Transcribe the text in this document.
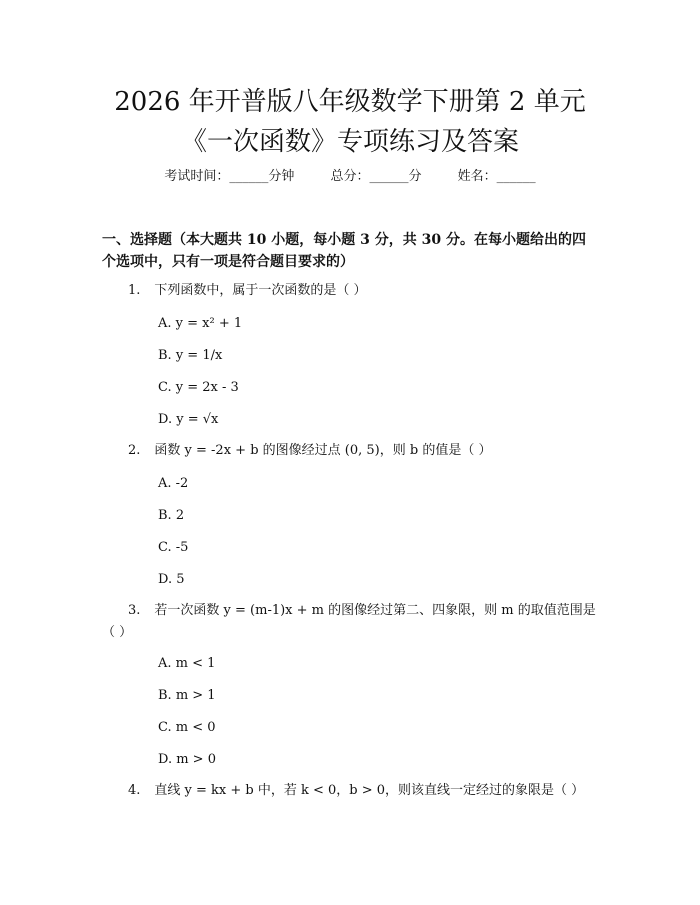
2026 年开普版八年级数学下册第 2 单元《一次函数》专项练习及答案
考试时间：______分钟	总分：______分	姓名：______
一、选择题（本大题共 10 小题，每小题 3 分，共 30 分。在每小题给出的四个选项中，只有一项是符合题目要求的）
1. 下列函数中，属于一次函数的是（ ）
A. y = x² + 1
B. y = 1/x
C. y = 2x - 3
D. y = √x
2. 函数 y = -2x + b 的图像经过点 (0, 5)，则 b 的值是（ ）
A. -2
B. 2
C. -5
D. 5
3. 若一次函数 y = (m-1)x + m 的图像经过第二、四象限，则 m 的取值范围是（ ）
A. m < 1
B. m > 1
C. m < 0
D. m > 0
4. 直线 y = kx + b 中，若 k < 0，b > 0，则该直线一定经过的象限是（ ）
